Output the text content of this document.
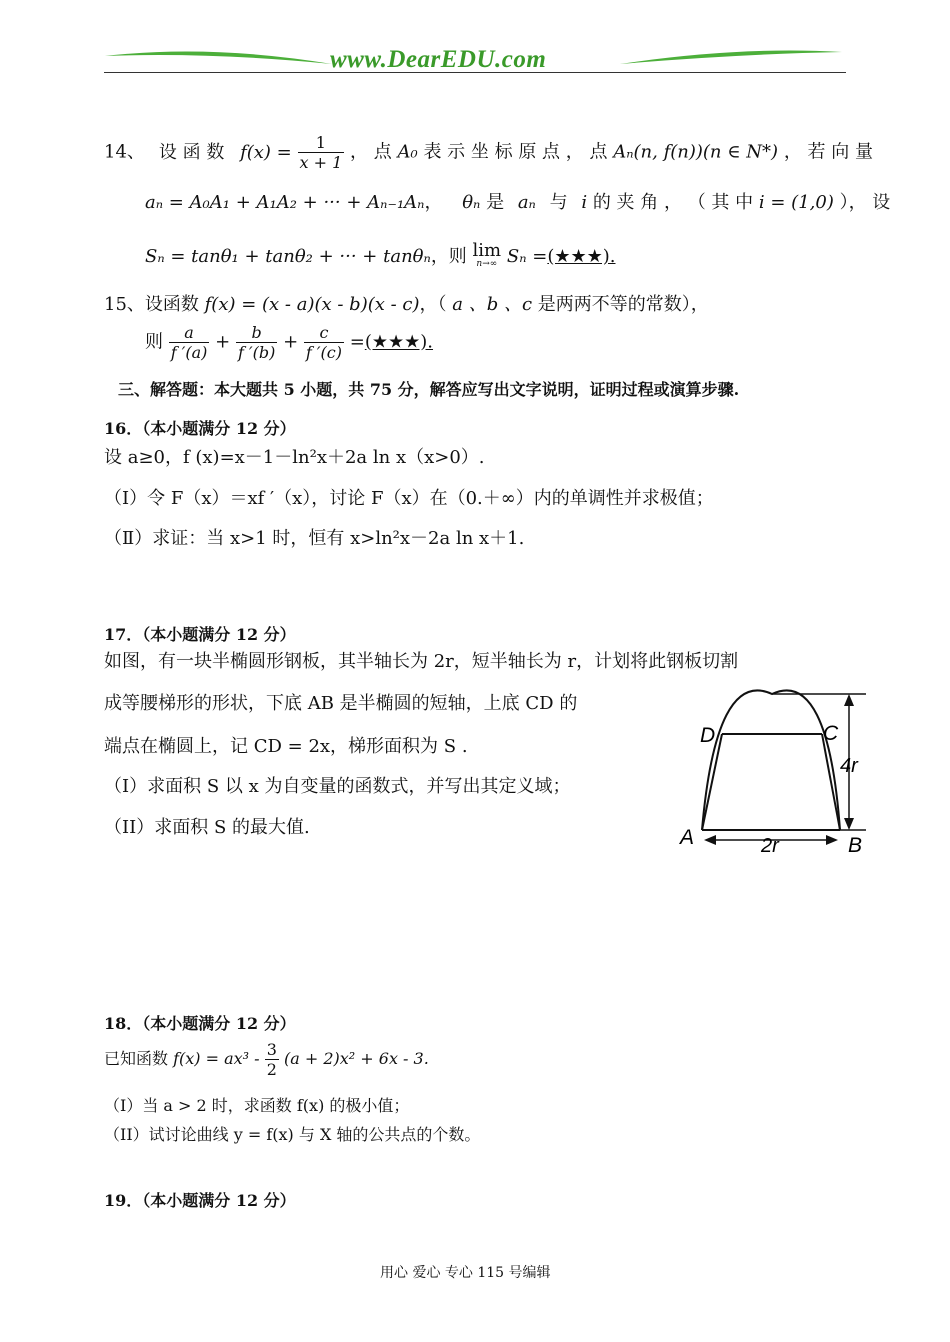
www.DearEDU.com
14、 设 函 数 $f(x) = \frac{1}{x + 1}$ ， 点 A₀ 表 示 坐 标 原 点 ， 点 Aₙ(n, f(n))(n ∈ N*) ， 若 向 量
aₙ = A₀A₁ + A₁A₂ + ··· + Aₙ₋₁Aₙ， θₙ 是 aₙ 与 i 的 夹 角 ， （ 其 中 i = (1,0) ）， 设
Sₙ = tanθ₁ + tanθ₂ + ··· + tanθₙ，则 lim
n→∞ Sₙ =(★★★).
15、设函数 f(x) = (x - a)(x - b)(x - c)，（ a 、b 、c 是两两不等的常数），
则 $\frac{a}{f '(a)} + \frac{b}{f '(b)} + \frac{c}{f '(c)}$ =(★★★).
三、解答题：本大题共 5 小题，共 75 分，解答应写出文字说明，证明过程或演算步骤.
16．（本小题满分 12 分）
设 a≥0，f (x)=x－1－ln²x＋2a ln x（x>0）.
（Ⅰ）令 F（x）＝xf ′（x），讨论 F（x）在（0.＋∞）内的单调性并求极值；
（Ⅱ）求证：当 x>1 时，恒有 x>ln²x－2a ln x＋1.
17．（本小题满分 12 分）
如图，有一块半椭圆形钢板，其半轴长为 2r，短半轴长为 r，计划将此钢板切割
成等腰梯形的形状，下底 AB 是半椭圆的短轴，上底 CD 的
端点在椭圆上，记 CD = 2x，梯形面积为 S .
（I）求面积 S 以 x 为自变量的函数式，并写出其定义域；
（II）求面积 S 的最大值.
D	C
4r
A	2r	B
18．（本小题满分 12 分）
已知函数 $f(x) = ax^3 - \frac{3}{2} (a + 2)x^2 + 6x - 3$.
（I）当 a > 2 时，求函数 f(x) 的极小值；
（II）试讨论曲线 y = f(x) 与 X 轴的公共点的个数。
19．（本小题满分 12 分）
用心 爱心 专心 115 号编辑
